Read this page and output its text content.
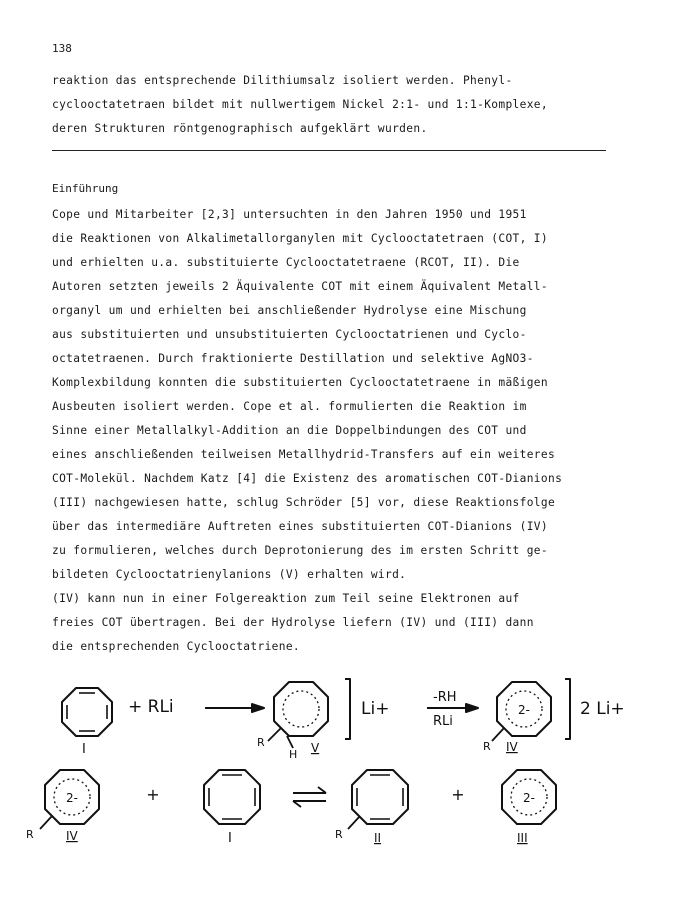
138
reaktion das entsprechende Dilithiumsalz isoliert werden. Phenyl-
cyclooctatetraen bildet mit nullwertigem Nickel 2:1- und 1:1-Komplexe,
deren Strukturen röntgenographisch aufgeklärt wurden.
Einführung
Cope und Mitarbeiter [2,3] untersuchten in den Jahren 1950 und 1951
die Reaktionen von Alkalimetallorganylen mit Cyclooctatetraen (COT, I)
und erhielten u.a. substituierte Cyclooctatetraene (RCOT, II). Die
Autoren setzten jeweils 2 Äquivalente COT mit einem Äquivalent Metall-
organyl um und erhielten bei anschließender Hydrolyse eine Mischung
aus substituierten und unsubstituierten Cyclooctatrienen und Cyclo-
octatetraenen. Durch fraktionierte Destillation und selektive AgNO3-
Komplexbildung konnten die substituierten Cyclooctatetraene in mäßigen
Ausbeuten isoliert werden. Cope et al. formulierten die Reaktion im
Sinne einer Metallalkyl-Addition an die Doppelbindungen des COT und
eines anschließenden teilweisen Metallhydrid-Transfers auf ein weiteres
COT-Molekül. Nachdem Katz [4] die Existenz des aromatischen COT-Dianions
(III) nachgewiesen hatte, schlug Schröder [5] vor, diese Reaktionsfolge
über das intermediäre Auftreten eines substituierten COT-Dianions (IV)
zu formulieren, welches durch Deprotonierung des im ersten Schritt ge-
bildeten Cyclooctatrienylanions (V) erhalten wird.
(IV) kann nun in einer Folgereaktion zum Teil seine Elektronen auf
freies COT übertragen. Bei der Hydrolyse liefern (IV) und (III) dann
die entsprechenden Cyclooctatriene.
+ RLi
I	R
H V
Li+
-RH
RLi
2-
R IV
2 Li+
2-
R	IV
+
I	R	II
+	2-
III
